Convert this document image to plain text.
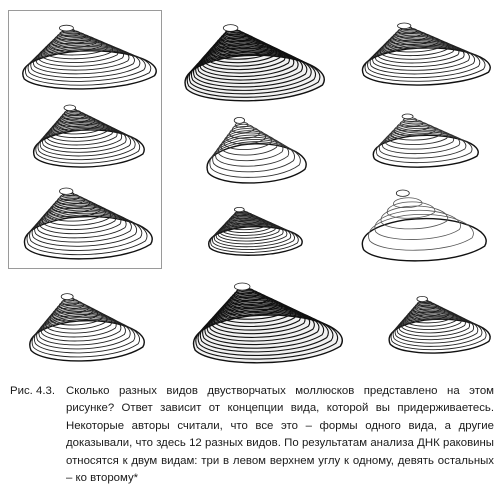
Рис. 4.3. Сколько разных видов двустворчатых моллюсков представлено на этом рисунке? Ответ зависит от концепции вида, которой вы придерживаетесь. Некоторые авторы считали, что все это – формы одного вида, а другие доказывали, что здесь 12 разных видов. По результатам анализа ДНК раковины относятся к двум видам: три в левом верхнем углу к одному, девять остальных – ко второму*
